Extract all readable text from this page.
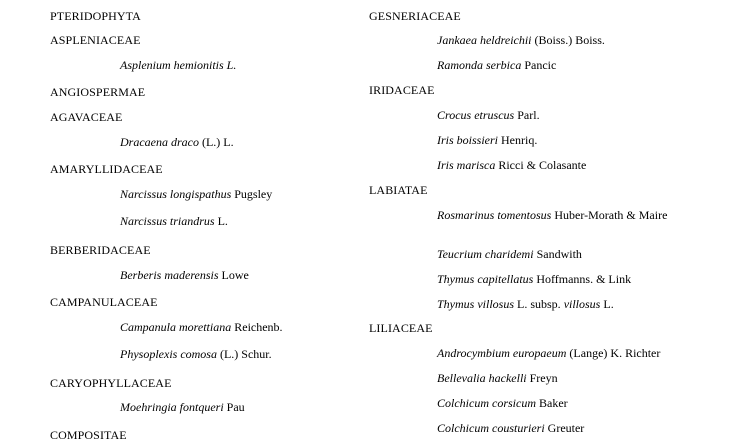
PTERIDOPHYTA
ASPLENIACEAE
Asplenium hemionitis L.
ANGIOSPERMAE
AGAVACEAE
Dracaena draco (L.) L.
AMARYLLIDACEAE
Narcissus longispathus Pugsley
Narcissus triandrus L.
BERBERIDACEAE
Berberis maderensis Lowe
CAMPANULACEAE
Campanula morettiana Reichenb.
Physoplexis comosa (L.) Schur.
CARYOPHYLLACEAE
Moehringia fontqueri Pau
COMPOSITAE
GESNERIACEAE
Jankaea heldreichii (Boiss.) Boiss.
Ramonda serbica Pancic
IRIDACEAE
Crocus etruscus Parl.
Iris boissieri Henriq.
Iris marisca Ricci & Colasante
LABIATAE
Rosmarinus tomentosus Huber-Morath & Maire
Teucrium charidemi Sandwith
Thymus capitellatus Hoffmanns. & Link
Thymus villosus L. subsp. villosus L.
LILIACEAE
Androcymbium europaeum (Lange) K. Richter
Bellevalia hackelli Freyn
Colchicum corsicum Baker
Colchicum cousturieri Greuter
